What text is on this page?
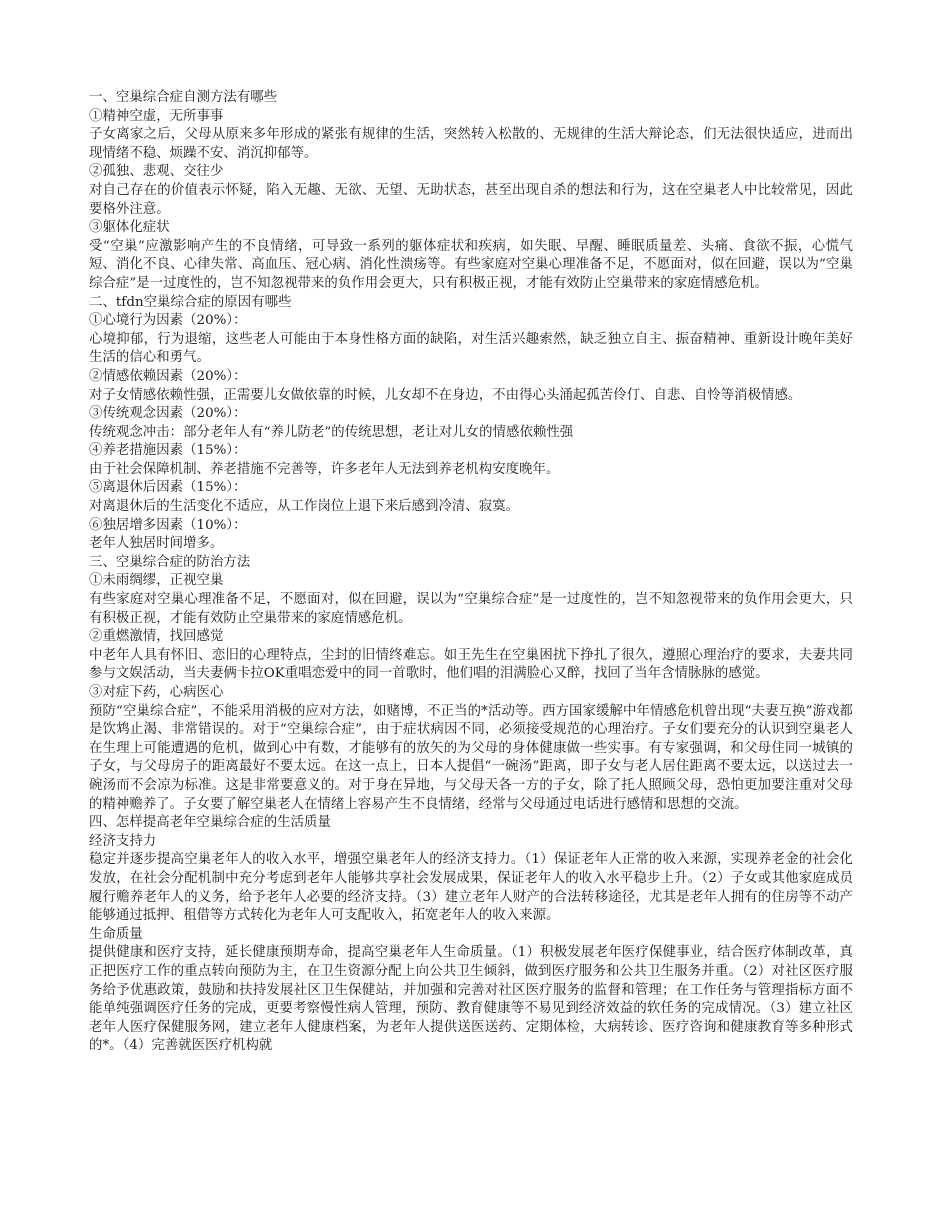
一、空巢综合症自测方法有哪些

①精神空虚，无所事事

子女离家之后，父母从原来多年形成的紧张有规律的生活，突然转入松散的、无规律的生活大辩论态，们无法很快适应，进而出现情绪不稳、烦躁不安、消沉抑郁等。

②孤独、悲观、交往少

对自己存在的价值表示怀疑，陷入无趣、无欲、无望、无助状态，甚至出现自杀的想法和行为，这在空巢老人中比较常见，因此要格外注意。

③躯体化症状

受“空巢”应激影响产生的不良情绪，可导致一系列的躯体症状和疾病，如失眠、早醒、睡眠质量差、头痛、食欲不振，心慌气短、消化不良、心律失常、高血压、冠心病、消化性溃疡等。有些家庭对空巢心理准备不足，不愿面对，似在回避，误以为“空巢综合症”是一过度性的，岂不知忽视带来的负作用会更大，只有积极正视，才能有效防止空巢带来的家庭情感危机。

二、tfdn空巢综合症的原因有哪些

①心境行为因素（20%）：

心境抑郁，行为退缩，这些老人可能由于本身性格方面的缺陷，对生活兴趣索然，缺乏独立自主、振奋精神、重新设计晚年美好生活的信心和勇气。

②情感依赖因素（20%）：

对子女情感依赖性强，正需要儿女做依靠的时候，儿女却不在身边，不由得心头涌起孤苦伶仃、自悲、自怜等消极情感。

③传统观念因素（20%）：

传统观念冲击：部分老年人有“养儿防老”的传统思想，老让对儿女的情感依赖性强

④养老措施因素（15%）：

由于社会保障机制、养老措施不完善等，许多老年人无法到养老机构安度晚年。

⑤离退休后因素（15%）：

对离退休后的生活变化不适应，从工作岗位上退下来后感到冷清、寂寞。

⑥独居增多因素（10%）：

老年人独居时间增多。

三、空巢综合症的防治方法

①未雨绸缪，正视空巢

有些家庭对空巢心理准备不足，不愿面对，似在回避，误以为“空巢综合症”是一过度性的，岂不知忽视带来的负作用会更大，只有积极正视，才能有效防止空巢带来的家庭情感危机。

②重燃激情，找回感觉

中老年人具有怀旧、恋旧的心理特点，尘封的旧情终难忘。如王先生在空巢困扰下挣扎了很久，遵照心理治疗的要求，夫妻共同参与文娱活动，当夫妻俩卡拉OK重唱恋爱中的同一首歌时，他们唱的泪满脸心又醉，找回了当年含情脉脉的感觉。

③对症下药，心病医心

预防“空巢综合症”，不能采用消极的应对方法，如赌博，不正当的*活动等。西方国家缓解中年情感危机曾出现“夫妻互换”游戏都是饮鸩止渴、非常错误的。对于“空巢综合症”，由于症状病因不同，必须接受规范的心理治疗。子女们要充分的认识到空巢老人在生理上可能遭遇的危机，做到心中有数，才能够有的放矢的为父母的身体健康做一些实事。有专家强调，和父母住同一城镇的子女，与父母房子的距离最好不要太远。在这一点上，日本人提倡“一碗汤”距离，即子女与老人居住距离不要太远，以送过去一碗汤而不会凉为标准。这是非常要意义的。对于身在异地，与父母天各一方的子女，除了托人照顾父母，恐怕更加要注重对父母的精神赡养了。子女要了解空巢老人在情绪上容易产生不良情绪，经常与父母通过电话进行感情和思想的交流。

四、怎样提高老年空巢综合症的生活质量

经济支持力

稳定并逐步提高空巢老年人的收入水平，增强空巢老年人的经济支持力。（1）保证老年人正常的收入来源，实现养老金的社会化发放，在社会分配机制中充分考虑到老年人能够共享社会发展成果，保证老年人的收入水平稳步上升。（2）子女或其他家庭成员履行赡养老年人的义务，给予老年人必要的经济支持。（3）建立老年人财产的合法转移途径，尤其是老年人拥有的住房等不动产能够通过抵押、租借等方式转化为老年人可支配收入，拓宽老年人的收入来源。

生命质量

提供健康和医疗支持，延长健康预期寿命，提高空巢老年人生命质量。（1）积极发展老年医疗保健事业，结合医疗体制改革，真正把医疗工作的重点转向预防为主，在卫生资源分配上向公共卫生倾斜，做到医疗服务和公共卫生服务并重。（2）对社区医疗服务给予优惠政策，鼓励和扶持发展社区卫生保健站，并加强和完善对社区医疗服务的监督和管理；在工作任务与管理指标方面不能单纯强调医疗任务的完成，更要考察慢性病人管理，预防、教育健康等不易见到经济效益的软任务的完成情况。（3）建立社区老年人医疗保健服务网，建立老年人健康档案，为老年人提供送医送药、定期体检，大病转诊、医疗咨询和健康教育等多种形式的*。（4）完善就医医疗机构就
